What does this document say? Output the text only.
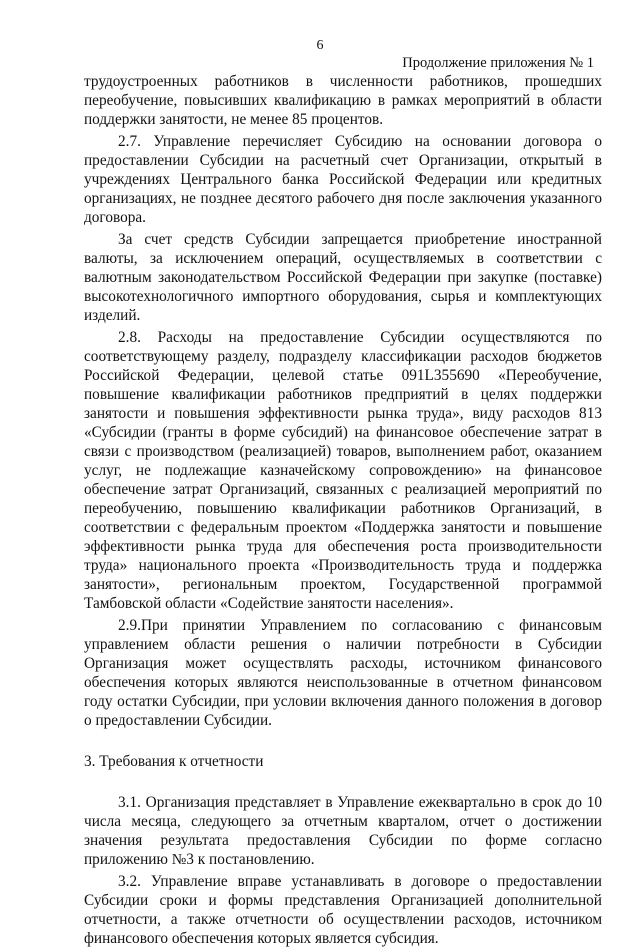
6
Продолжение приложения № 1

трудоустроенных работников в численности работников, прошедших переобучение, повысивших квалификацию в рамках мероприятий в области поддержки занятости, не менее 85 процентов.

2.7. Управление перечисляет Субсидию на основании договора о предоставлении Субсидии на расчетный счет Организации, открытый в учреждениях Центрального банка Российской Федерации или кредитных организациях, не позднее десятого рабочего дня после заключения указанного договора.

За счет средств Субсидии запрещается приобретение иностранной валюты, за исключением операций, осуществляемых в соответствии с валютным законодательством Российской Федерации при закупке (поставке) высокотехнологичного импортного оборудования, сырья и комплектующих изделий.

2.8. Расходы на предоставление Субсидии осуществляются по соответствующему разделу, подразделу классификации расходов бюджетов Российской Федерации, целевой статье 091L355690 «Переобучение, повышение квалификации работников предприятий в целях поддержки занятости и повышения эффективности рынка труда», виду расходов 813 «Субсидии (гранты в форме субсидий) на финансовое обеспечение затрат в связи с производством (реализацией) товаров, выполнением работ, оказанием услуг, не подлежащие казначейскому сопровождению» на финансовое обеспечение затрат Организаций, связанных с реализацией мероприятий по переобучению, повышению квалификации работников Организаций, в соответствии с федеральным проектом «Поддержка занятости и повышение эффективности рынка труда для обеспечения роста производительности труда» национального проекта «Производительность труда и поддержка занятости», региональным проектом, Государственной программой Тамбовской области «Содействие занятости населения».

2.9.При принятии Управлением по согласованию с финансовым управлением области решения о наличии потребности в Субсидии Организация может осуществлять расходы, источником финансового обеспечения которых являются неиспользованные в отчетном финансовом году остатки Субсидии, при условии включения данного положения в договор о предоставлении Субсидии.

3. Требования к отчетности

3.1. Организация представляет в Управление ежеквартально в срок до 10 числа месяца, следующего за отчетным кварталом, отчет о достижении значения результата предоставления Субсидии по форме согласно приложению №3 к постановлению.

3.2. Управление вправе устанавливать в договоре о предоставлении Субсидии сроки и формы представления Организацией дополнительной отчетности, а также отчетности об осуществлении расходов, источником финансового обеспечения которых является субсидия.
